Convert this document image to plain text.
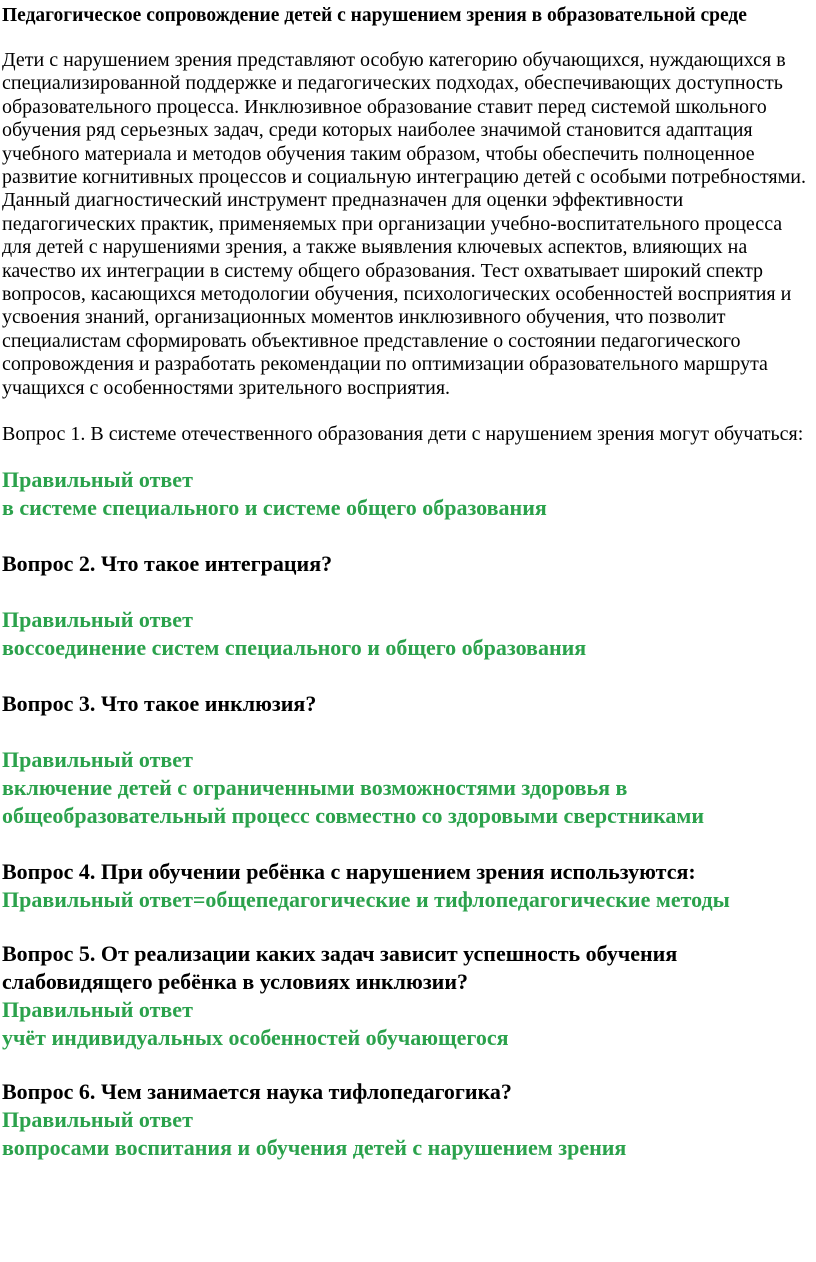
Педагогическое сопровождение детей с нарушением зрения в образовательной среде

Дети с нарушением зрения представляют особую категорию обучающихся, нуждающихся в специализированной поддержке и педагогических подходах, обеспечивающих доступность образовательного процесса. Инклюзивное образование ставит перед системой школьного обучения ряд серьезных задач, среди которых наиболее значимой становится адаптация учебного материала и методов обучения таким образом, чтобы обеспечить полноценное развитие когнитивных процессов и социальную интеграцию детей с особыми потребностями. Данный диагностический инструмент предназначен для оценки эффективности педагогических практик, применяемых при организации учебно-воспитательного процесса для детей с нарушениями зрения, а также выявления ключевых аспектов, влияющих на качество их интеграции в систему общего образования. Тест охватывает широкий спектр вопросов, касающихся методологии обучения, психологических особенностей восприятия и усвоения знаний, организационных моментов инклюзивного обучения, что позволит специалистам сформировать объективное представление о состоянии педагогического сопровождения и разработать рекомендации по оптимизации образовательного маршрута учащихся с особенностями зрительного восприятия.

Вопрос 1. В системе отечественного образования дети с нарушением зрения могут обучаться:

Правильный ответ

в системе специального и системе общего образования

Вопрос 2. Что такое интеграция?

Правильный ответ

воссоединение систем специального и общего образования

Вопрос 3. Что такое инклюзия?

Правильный ответ

включение детей с ограниченными возможностями здоровья в общеобразовательный процесс совместно со здоровыми сверстниками

Вопрос 4. При обучении ребёнка с нарушением зрения используются:

Правильный ответ=общепедагогические и тифлопедагогические методы

Вопрос 5. От реализации каких задач зависит успешность обучения слабовидящего ребёнка в условиях инклюзии?

Правильный ответ

учёт индивидуальных особенностей обучающегося

Вопрос 6. Чем занимается наука тифлопедагогика?

Правильный ответ

вопросами воспитания и обучения детей с нарушением зрения
